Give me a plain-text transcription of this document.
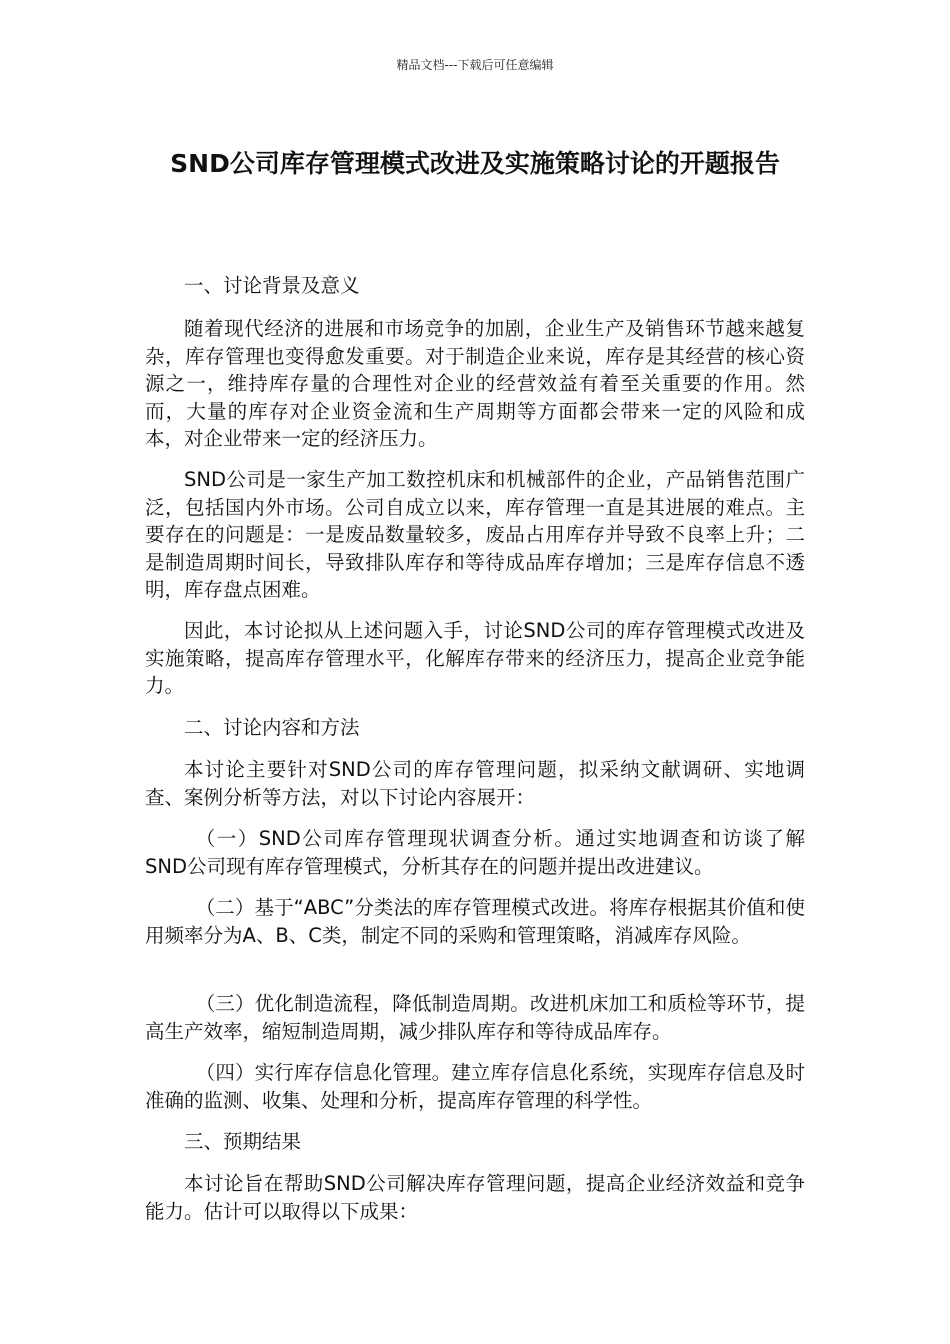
精品文档---下载后可任意编辑
SND公司库存管理模式改进及实施策略讨论的开题报告

一、讨论背景及意义

随着现代经济的进展和市场竞争的加剧，企业生产及销售环节越来越复杂，库存管理也变得愈发重要。对于制造企业来说，库存是其经营的核心资源之一，维持库存量的合理性对企业的经营效益有着至关重要的作用。然而，大量的库存对企业资金流和生产周期等方面都会带来一定的风险和成本，对企业带来一定的经济压力。

SND公司是一家生产加工数控机床和机械部件的企业，产品销售范围广泛，包括国内外市场。公司自成立以来，库存管理一直是其进展的难点。主要存在的问题是：一是废品数量较多，废品占用库存并导致不良率上升；二是制造周期时间长，导致排队库存和等待成品库存增加；三是库存信息不透明，库存盘点困难。

因此，本讨论拟从上述问题入手，讨论SND公司的库存管理模式改进及实施策略，提高库存管理水平，化解库存带来的经济压力，提高企业竞争能力。

二、讨论内容和方法

本讨论主要针对SND公司的库存管理问题，拟采纳文献调研、实地调查、案例分析等方法，对以下讨论内容展开：

（一）SND公司库存管理现状调查分析。通过实地调查和访谈了解SND公司现有库存管理模式，分析其存在的问题并提出改进建议。

（二）基于“ABC”分类法的库存管理模式改进。将库存根据其价值和使用频率分为A、B、C类，制定不同的采购和管理策略，消减库存风险。

（三）优化制造流程，降低制造周期。改进机床加工和质检等环节，提高生产效率，缩短制造周期，减少排队库存和等待成品库存。

（四）实行库存信息化管理。建立库存信息化系统，实现库存信息及时准确的监测、收集、处理和分析，提高库存管理的科学性。

三、预期结果

本讨论旨在帮助SND公司解决库存管理问题，提高企业经济效益和竞争能力。估计可以取得以下成果：
